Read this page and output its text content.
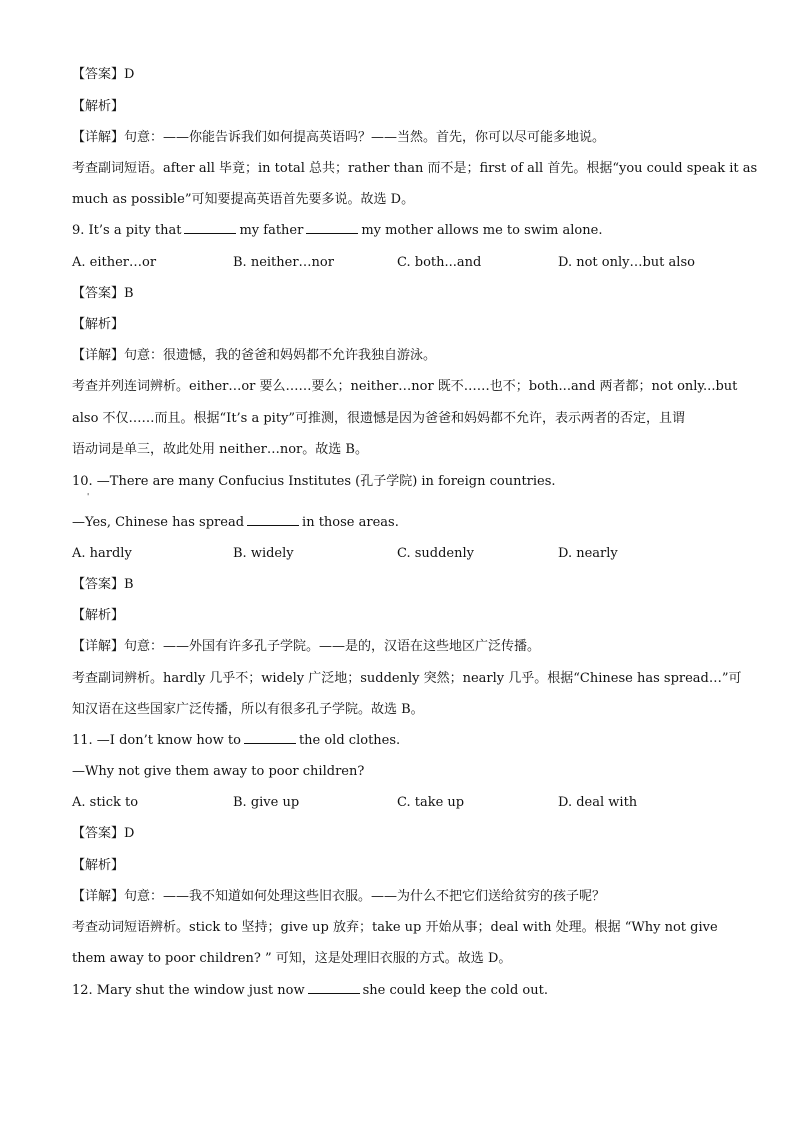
【答案】D
【解析】
【详解】句意：——你能告诉我们如何提高英语吗？——当然。首先，你可以尽可能多地说。
考查副词短语。after all 毕竟；in total 总共；rather than 而不是；first of all 首先。根据“you could speak it as
much as possible”可知要提高英语首先要多说。故选 D。
9. It’s a pity that	my father	my mother allows me to swim alone.
A. either…or	B. neither…nor	C. both...and	D. not only…but also
【答案】B
【解析】
【详解】句意：很遗憾，我的爸爸和妈妈都不允许我独自游泳。
考查并列连词辨析。either…or 要么……要么；neither…nor 既不……也不；both...and 两者都；not only...but
also 不仅……而且。根据“It’s a pity”可推测，很遗憾是因为爸爸和妈妈都不允许，表示两者的否定，且谓
语动词是单三，故此处用 neither…nor。故选 B。
10. —There are many Confucius Institutes (孔子学院) in foreign countries.
'
—Yes, Chinese has spread	in those areas.
A. hardly	B. widely	C. suddenly	D. nearly
【答案】B
【解析】
【详解】句意：——外国有许多孔子学院。——是的，汉语在这些地区广泛传播。
考查副词辨析。hardly 几乎不；widely 广泛地；suddenly 突然；nearly 几乎。根据“Chinese has spread…”可
知汉语在这些国家广泛传播，所以有很多孔子学院。故选 B。
11. —I don’t know how to	the old clothes.
—Why not give them away to poor children?
A. stick to	B. give up	C. take up	D. deal with
【答案】D
【解析】
【详解】句意：——我不知道如何处理这些旧衣服。——为什么不把它们送给贫穷的孩子呢？
考查动词短语辨析。stick to 坚持；give up 放弃；take up 开始从事；deal with 处理。根据 “Why not give
them away to poor children? ” 可知，这是处理旧衣服的方式。故选 D。
12. Mary shut the window just now	she could keep the cold out.
